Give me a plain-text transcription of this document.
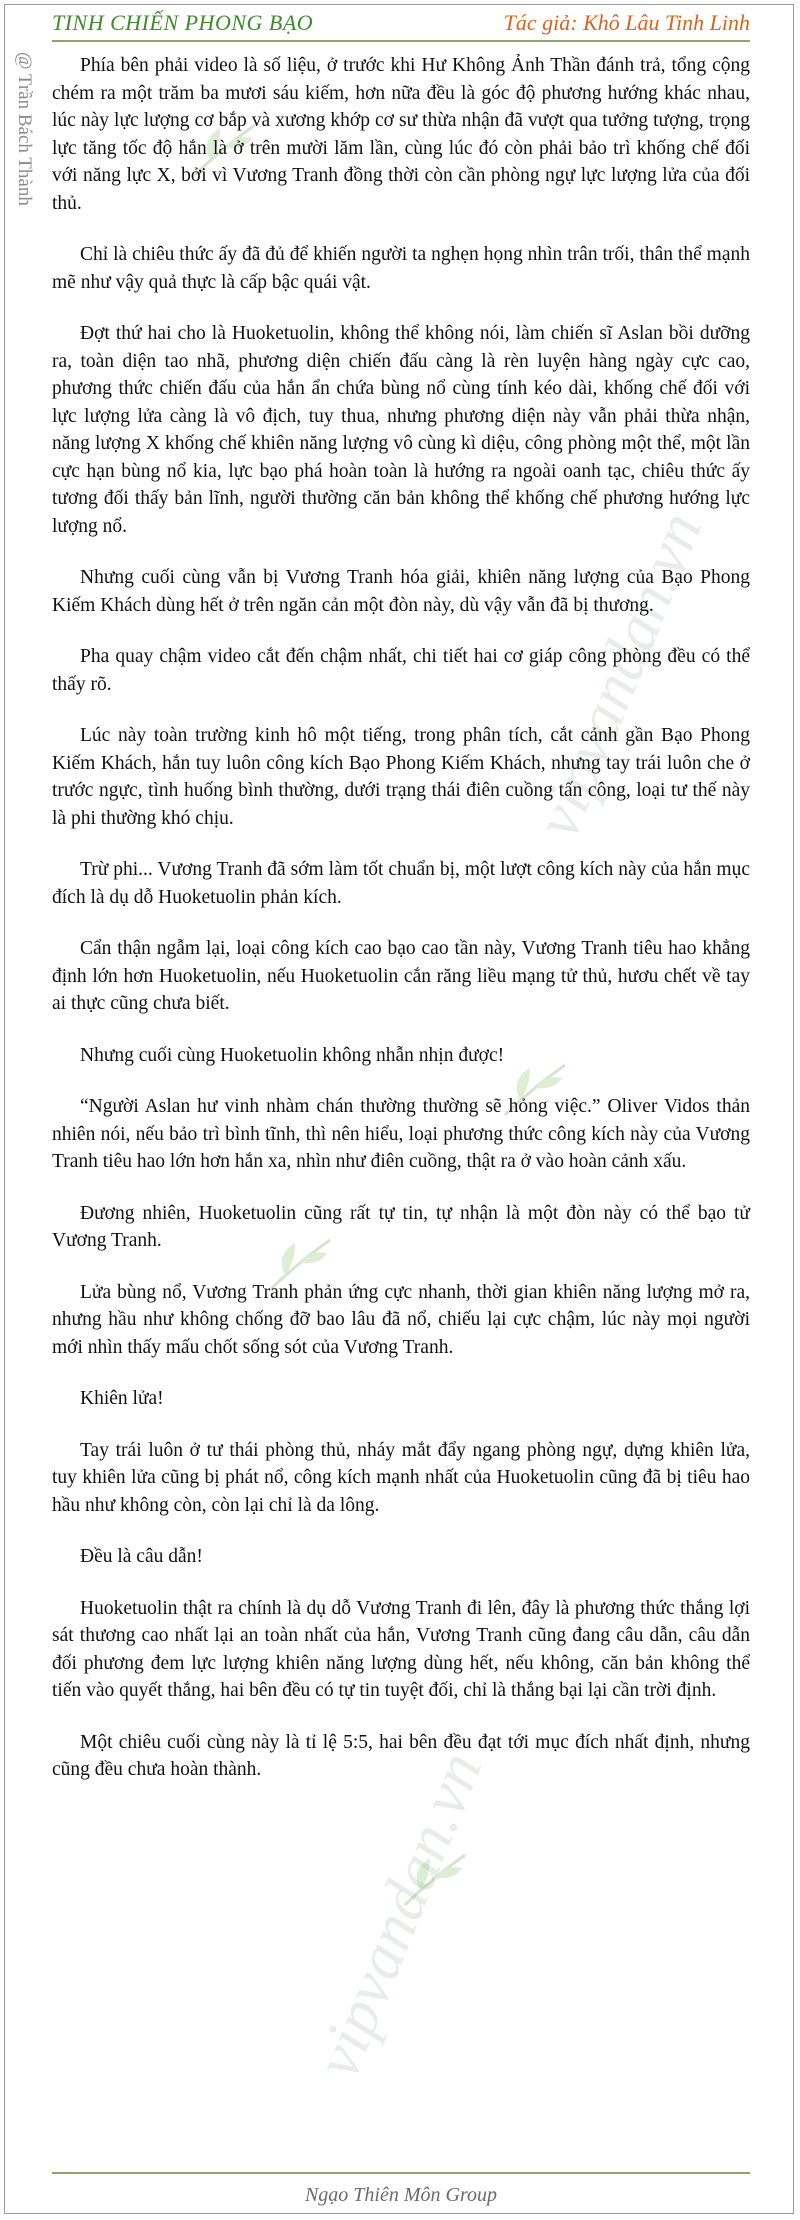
TINH CHIẾN PHONG BẠO	Tác giả: Khô Lâu Tinh Linh
@ Trần Bách Thành
vipvandan.vn
vipvandan.vn

Phía bên phải video là số liệu, ở trước khi Hư Không Ảnh Thần đánh trả, tổng cộng chém ra một trăm ba mươi sáu kiếm, hơn nữa đều là góc độ phương hướng khác nhau, lúc này lực lượng cơ bắp và xương khớp cơ sư thừa nhận đã vượt qua tưởng tượng, trọng lực tăng tốc độ hắn là ở trên mười lăm lần, cùng lúc đó còn phải bảo trì khống chế đối với năng lực X, bởi vì Vương Tranh đồng thời còn cần phòng ngự lực lượng lửa của đối thủ.

Chỉ là chiêu thức ấy đã đủ để khiến người ta nghẹn họng nhìn trân trối, thân thể mạnh mẽ như vậy quả thực là cấp bậc quái vật.

Đợt thứ hai cho là Huoketuolin, không thể không nói, làm chiến sĩ Aslan bồi dưỡng ra, toàn diện tao nhã, phương diện chiến đấu càng là rèn luyện hàng ngày cực cao, phương thức chiến đấu của hắn ẩn chứa bùng nổ cùng tính kéo dài, khống chế đối với lực lượng lửa càng là vô địch, tuy thua, nhưng phương diện này vẫn phải thừa nhận, năng lượng X khống chế khiên năng lượng vô cùng kì diệu, công phòng một thể, một lần cực hạn bùng nổ kia, lực bạo phá hoàn toàn là hướng ra ngoài oanh tạc, chiêu thức ấy tương đối thấy bản lĩnh, người thường căn bản không thể khống chế phương hướng lực lượng nổ.

Nhưng cuối cùng vẫn bị Vương Tranh hóa giải, khiên năng lượng của Bạo Phong Kiếm Khách dùng hết ở trên ngăn cản một đòn này, dù vậy vẫn đã bị thương.

Pha quay chậm video cắt đến chậm nhất, chi tiết hai cơ giáp công phòng đều có thể thấy rõ.

Lúc này toàn trường kinh hô một tiếng, trong phân tích, cắt cảnh gần Bạo Phong Kiếm Khách, hắn tuy luôn công kích Bạo Phong Kiếm Khách, nhưng tay trái luôn che ở trước ngực, tình huống bình thường, dưới trạng thái điên cuồng tấn công, loại tư thế này là phi thường khó chịu.

Trừ phi... Vương Tranh đã sớm làm tốt chuẩn bị, một lượt công kích này của hắn mục đích là dụ dỗ Huoketuolin phản kích.

Cẩn thận ngẫm lại, loại công kích cao bạo cao tần này, Vương Tranh tiêu hao khẳng định lớn hơn Huoketuolin, nếu Huoketuolin cắn răng liều mạng tử thủ, hươu chết về tay ai thực cũng chưa biết.

Nhưng cuối cùng Huoketuolin không nhẫn nhịn được!

“Người Aslan hư vinh nhàm chán thường thường sẽ hỏng việc.” Oliver Vidos thản nhiên nói, nếu bảo trì bình tĩnh, thì nên hiểu, loại phương thức công kích này của Vương Tranh tiêu hao lớn hơn hắn xa, nhìn như điên cuồng, thật ra ở vào hoàn cảnh xấu.

Đương nhiên, Huoketuolin cũng rất tự tin, tự nhận là một đòn này có thể bạo tử Vương Tranh.

Lửa bùng nổ, Vương Tranh phản ứng cực nhanh, thời gian khiên năng lượng mở ra, nhưng hầu như không chống đỡ bao lâu đã nổ, chiếu lại cực chậm, lúc này mọi người mới nhìn thấy mấu chốt sống sót của Vương Tranh.

Khiên lửa!

Tay trái luôn ở tư thái phòng thủ, nháy mắt đẩy ngang phòng ngự, dựng khiên lửa, tuy khiên lửa cũng bị phát nổ, công kích mạnh nhất của Huoketuolin cũng đã bị tiêu hao hầu như không còn, còn lại chỉ là da lông.

Đều là câu dẫn!

Huoketuolin thật ra chính là dụ dỗ Vương Tranh đi lên, đây là phương thức thắng lợi sát thương cao nhất lại an toàn nhất của hắn, Vương Tranh cũng đang câu dẫn, câu dẫn đối phương đem lực lượng khiên năng lượng dùng hết, nếu không, căn bản không thể tiến vào quyết thắng, hai bên đều có tự tin tuyệt đối, chỉ là thắng bại lại cần trời định.

Một chiêu cuối cùng này là tỉ lệ 5:5, hai bên đều đạt tới mục đích nhất định, nhưng cũng đều chưa hoàn thành.

Ngạo Thiên Môn Group
